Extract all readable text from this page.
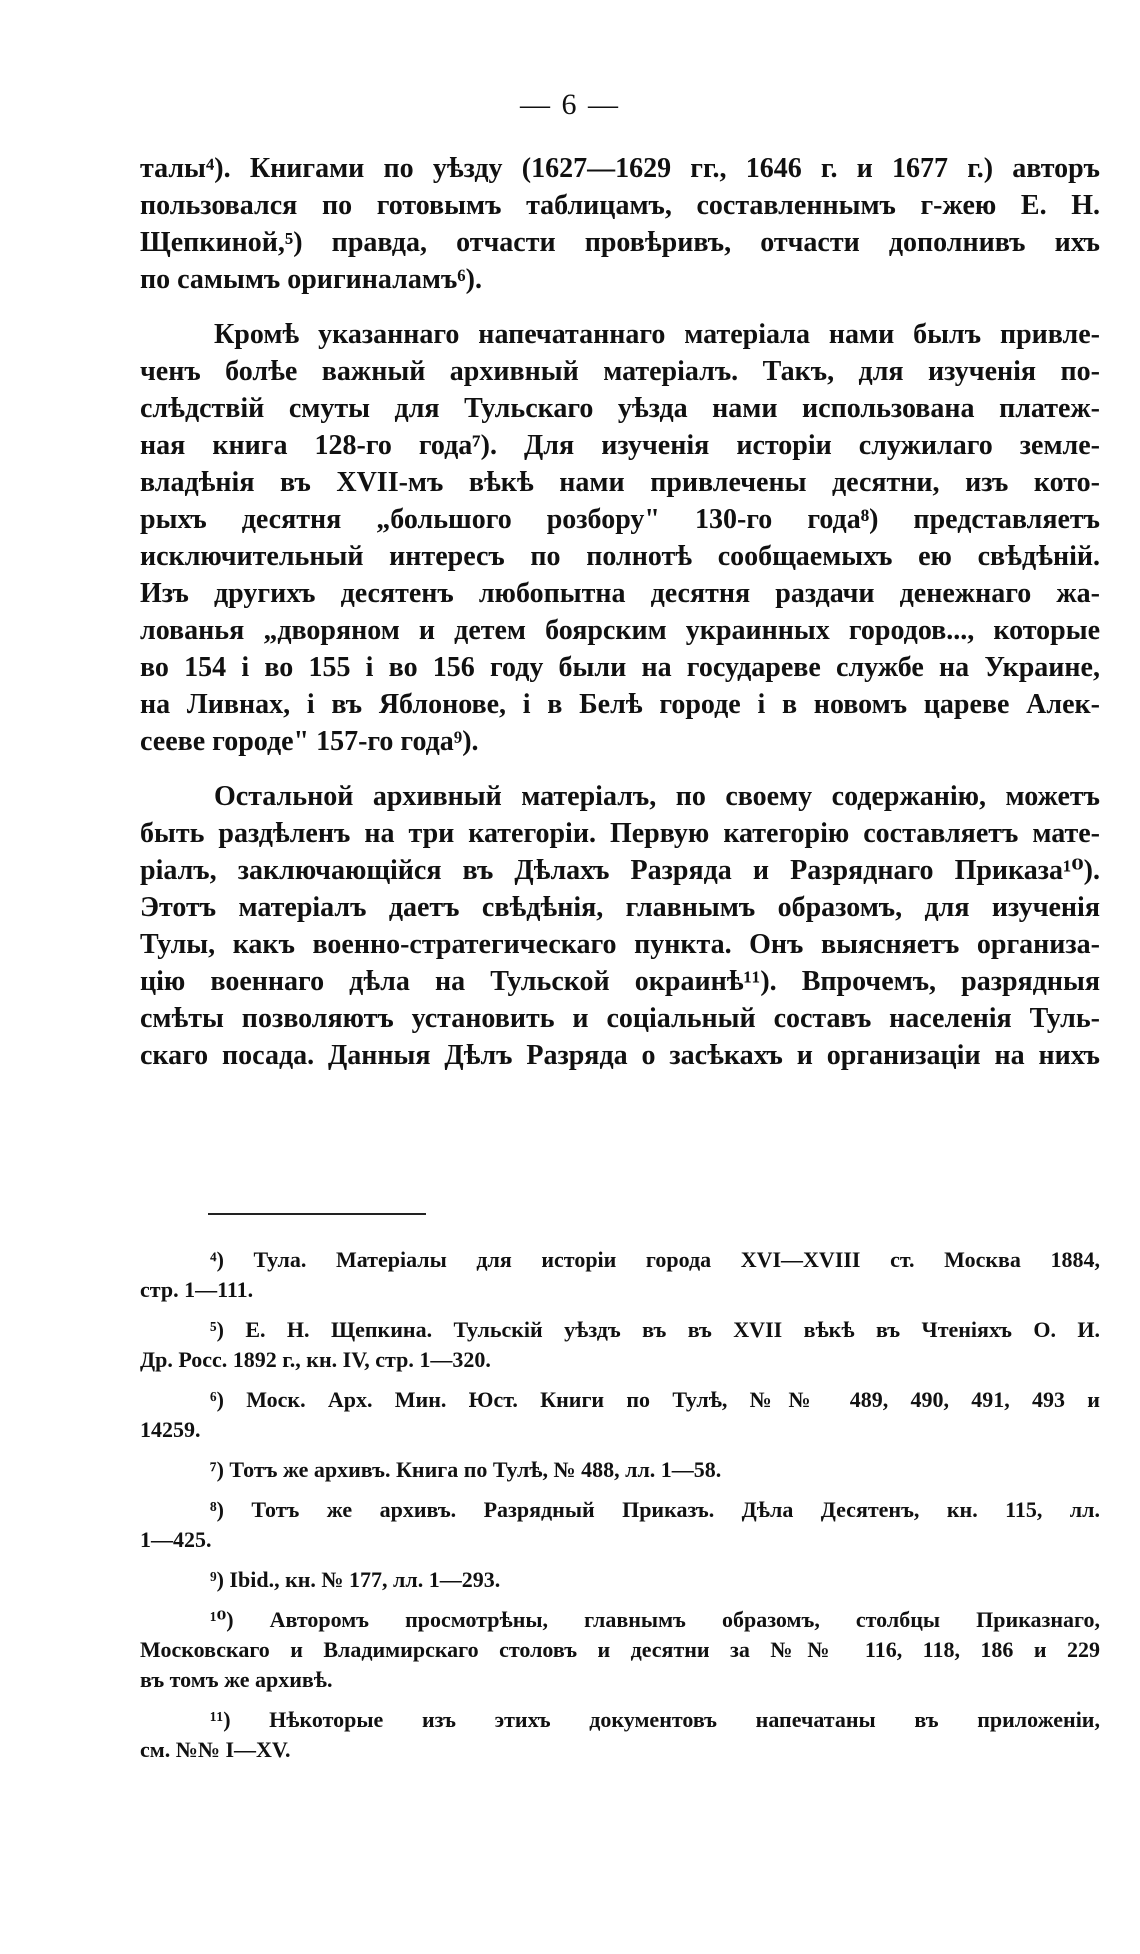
— 6 —

талы⁴). Книгами по уѣзду (1627—1629 гг., 1646 г. и 1677 г.) авторъ
пользовался по готовымъ таблицамъ, составленнымъ г-жею Е. Н.
Щепкиной,⁵) правда, отчасти провѣривъ, отчасти дополнивъ ихъ
по самымъ оригиналамъ⁶).

Кромѣ указаннаго напечатаннаго матеріала нами былъ привле-
ченъ болѣе важный архивный матеріалъ. Такъ, для изученія по-
слѣдствій смуты для Тульскаго уѣзда нами использована платеж-
ная книга 128-го года⁷). Для изученія исторіи служилаго земле-
владѣнія въ XVII-мъ вѣкѣ нами привлечены десятни, изъ кото-
рыхъ десятня „большого розбору" 130-го года⁸) представляетъ
исключительный интересъ по полнотѣ сообщаемыхъ ею свѣдѣній.
Изъ другихъ десятенъ любопытна десятня раздачи денежнаго жа-
лованья „дворяном и детем боярским украинных городов..., которые
во 154 і во 155 і во 156 году были на государеве службе на Украине,
на Ливнах, і въ Яблонове, і в Белѣ городе і в новомъ цареве Алек-
сееве городе" 157-го года⁹).

Остальной архивный матеріалъ, по своему содержанію, можетъ
быть раздѣленъ на три категоріи. Первую категорію составляетъ мате-
ріалъ, заключающійся въ Дѣлахъ Разряда и Разряднаго Приказа¹⁰).
Этотъ матеріалъ даетъ свѣдѣнія, главнымъ образомъ, для изученія
Тулы, какъ военно-стратегическаго пункта. Онъ выясняетъ организа-
цію военнаго дѣла на Тульской окраинѣ¹¹). Впрочемъ, разрядныя
смѣты позволяютъ установить и соціальный составъ населенія Туль-
скаго посада. Данныя Дѣлъ Разряда о засѣкахъ и организаціи на нихъ

⁴) Тула. Матеріалы для исторіи города XVI—XVIII ст. Москва 1884,
стр. 1—111.
⁵) Е. Н. Щепкина. Тульскій уѣздъ въ въ XVII вѣкѣ въ Чтеніяхъ О. И.
Др. Росс. 1892 г., кн. IV, стр. 1—320.
⁶) Моск. Арх. Мин. Юст. Книги по Тулѣ, №№ 489, 490, 491, 493 и
14259.
⁷) Тотъ же архивъ. Книга по Тулѣ, № 488, лл. 1—58.
⁸) Тотъ же архивъ. Разрядный Приказъ. Дѣла Десятенъ, кн. 115, лл.
1—425.
⁹) Ibid., кн. № 177, лл. 1—293.
¹⁰) Авторомъ просмотрѣны, главнымъ образомъ, столбцы Приказнаго,
Московскаго и Владимирскаго столовъ и десятни за №№ 116, 118, 186 и 229
въ томъ же архивѣ.
¹¹) Нѣкоторые изъ этихъ документовъ напечатаны въ приложеніи,
см. №№ I—XV.
